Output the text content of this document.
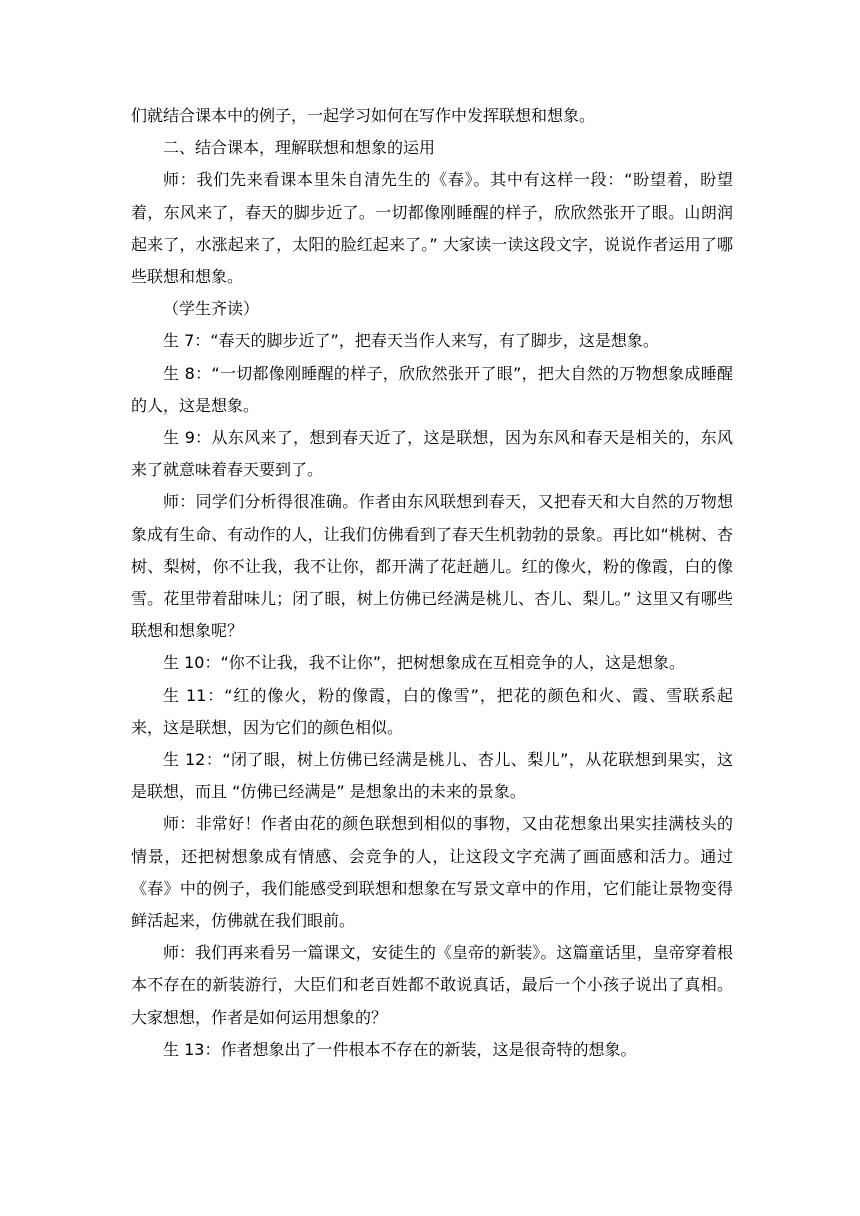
们就结合课本中的例子，一起学习如何在写作中发挥联想和想象。

二、结合课本，理解联想和想象的运用

师：我们先来看课本里朱自清先生的《春》。其中有这样一段：“盼望着，盼望着，东风来了，春天的脚步近了。一切都像刚睡醒的样子，欣欣然张开了眼。山朗润起来了，水涨起来了，太阳的脸红起来了。” 大家读一读这段文字，说说作者运用了哪些联想和想象。

（学生齐读）

生 7：“春天的脚步近了”，把春天当作人来写，有了脚步，这是想象。

生 8：“一切都像刚睡醒的样子，欣欣然张开了眼”，把大自然的万物想象成睡醒的人，这是想象。

生 9：从东风来了，想到春天近了，这是联想，因为东风和春天是相关的，东风来了就意味着春天要到了。

师：同学们分析得很准确。作者由东风联想到春天，又把春天和大自然的万物想象成有生命、有动作的人，让我们仿佛看到了春天生机勃勃的景象。再比如“桃树、杏树、梨树，你不让我，我不让你，都开满了花赶趟儿。红的像火，粉的像霞，白的像雪。花里带着甜味儿；闭了眼，树上仿佛已经满是桃儿、杏儿、梨儿。” 这里又有哪些联想和想象呢？

生 10：“你不让我，我不让你”，把树想象成在互相竞争的人，这是想象。

生 11：“红的像火，粉的像霞，白的像雪”，把花的颜色和火、霞、雪联系起来，这是联想，因为它们的颜色相似。

生 12：“闭了眼，树上仿佛已经满是桃儿、杏儿、梨儿”，从花联想到果实，这是联想，而且 “仿佛已经满是” 是想象出的未来的景象。

师：非常好！作者由花的颜色联想到相似的事物，又由花想象出果实挂满枝头的情景，还把树想象成有情感、会竞争的人，让这段文字充满了画面感和活力。通过《春》中的例子，我们能感受到联想和想象在写景文章中的作用，它们能让景物变得鲜活起来，仿佛就在我们眼前。

师：我们再来看另一篇课文，安徒生的《皇帝的新装》。这篇童话里，皇帝穿着根本不存在的新装游行，大臣们和老百姓都不敢说真话，最后一个小孩子说出了真相。大家想想，作者是如何运用想象的？

生 13：作者想象出了一件根本不存在的新装，这是很奇特的想象。
